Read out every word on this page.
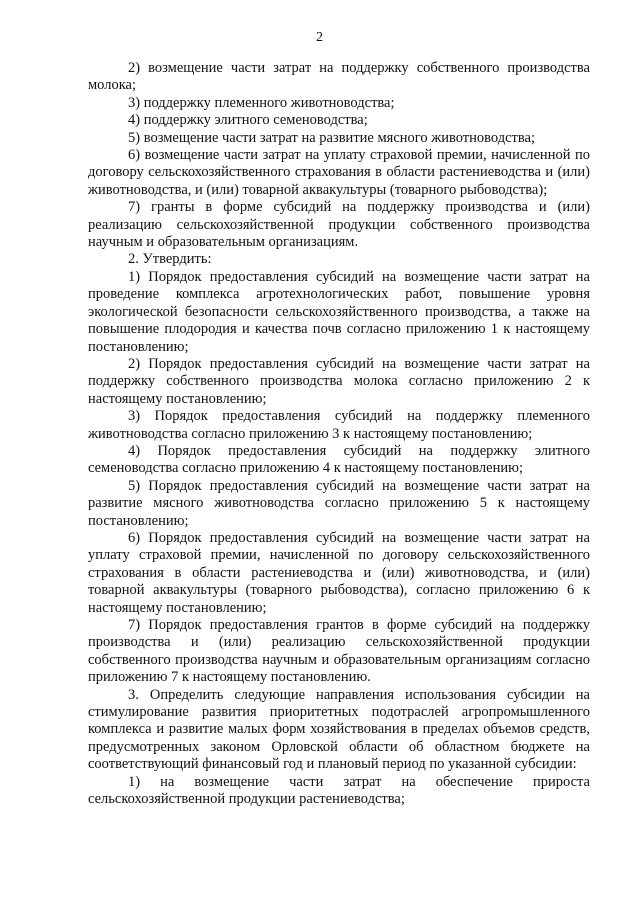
2

2) возмещение части затрат на поддержку собственного производства молока;

3) поддержку племенного животноводства;

4) поддержку элитного семеноводства;

5) возмещение части затрат на развитие мясного животноводства;

6) возмещение части затрат на уплату страховой премии, начисленной по договору сельскохозяйственного страхования в области растениеводства и (или) животноводства, и (или) товарной аквакультуры (товарного рыбоводства);

7) гранты в форме субсидий на поддержку производства и (или) реализацию сельскохозяйственной продукции собственного производства научным и образовательным организациям.

2. Утвердить:

1) Порядок предоставления субсидий на возмещение части затрат на проведение комплекса агротехнологических работ, повышение уровня экологической безопасности сельскохозяйственного производства, а также на повышение плодородия и качества почв согласно приложению 1 к настоящему постановлению;

2) Порядок предоставления субсидий на возмещение части затрат на поддержку собственного производства молока согласно приложению 2 к настоящему постановлению;

3) Порядок предоставления субсидий на поддержку племенного животноводства согласно приложению 3 к настоящему постановлению;

4) Порядок предоставления субсидий на поддержку элитного семеноводства согласно приложению 4 к настоящему постановлению;

5) Порядок предоставления субсидий на возмещение части затрат на развитие мясного животноводства согласно приложению 5 к настоящему постановлению;

6) Порядок предоставления субсидий на возмещение части затрат на уплату страховой премии, начисленной по договору сельскохозяйственного страхования в области растениеводства и (или) животноводства, и (или) товарной аквакультуры (товарного рыбоводства), согласно приложению 6 к настоящему постановлению;

7) Порядок предоставления грантов в форме субсидий на поддержку производства и (или) реализацию сельскохозяйственной продукции собственного производства научным и образовательным организациям согласно приложению 7 к настоящему постановлению.

3. Определить следующие направления использования субсидии на стимулирование развития приоритетных подотраслей агропромышленного комплекса и развитие малых форм хозяйствования в пределах объемов средств, предусмотренных законом Орловской области об областном бюджете на соответствующий финансовый год и плановый период по указанной субсидии:

1) на возмещение части затрат на обеспечение прироста сельскохозяйственной продукции растениеводства;
